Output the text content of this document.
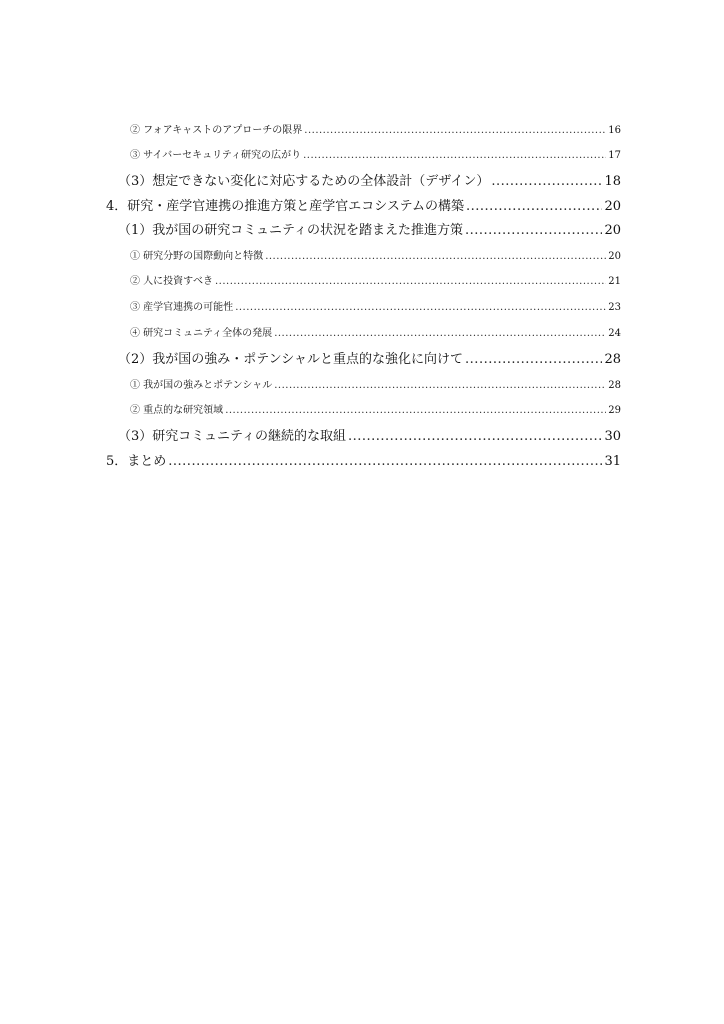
② フォアキャストのアプローチの限界 .....	16
③ サイバーセキュリティ研究の広がり .....	17
（3）想定できない変化に対応するための全体設計（デザイン） .....	18
4．研究・産学官連携の推進方策と産学官エコシステムの構築 .....	20
（1）我が国の研究コミュニティの状況を踏まえた推進方策 .....	20
① 研究分野の国際動向と特徴 .....	20
② 人に投資すべき .....	21
③ 産学官連携の可能性 .....	23
④ 研究コミュニティ全体の発展 .....	24
（2）我が国の強み・ポテンシャルと重点的な強化に向けて .....	28
① 我が国の強みとポテンシャル .....	28
② 重点的な研究領域 .....	29
（3）研究コミュニティの継続的な取組 .....	30
5．まとめ .....	31
